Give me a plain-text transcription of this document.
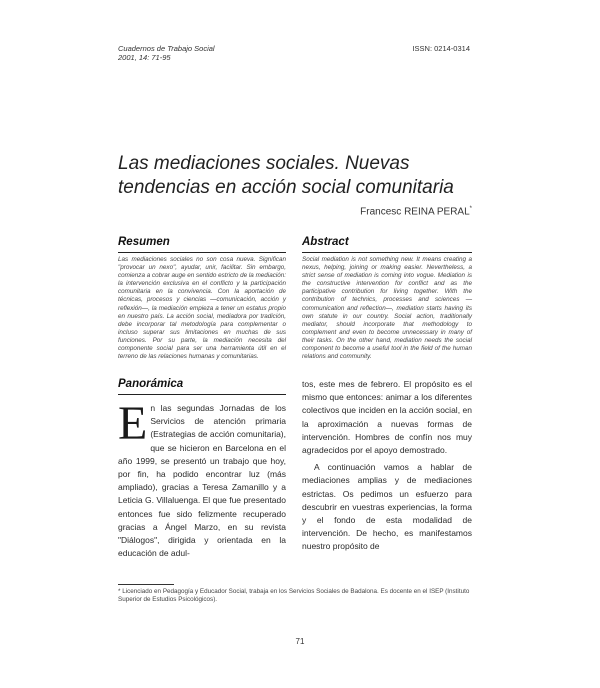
Cuadernos de Trabajo Social
2001, 14: 71-95
ISSN: 0214-0314
Las mediaciones sociales. Nuevas tendencias en acción social comunitaria
Francesc REINA PERAL*
Resumen
Las mediaciones sociales no son cosa nueva. Significan "provocar un nexo", ayudar, unir, facilitar. Sin embargo, comienza a cobrar auge en sentido estricto de la mediación: la intervención exclusiva en el conflicto y la participación comunitaria en la convivencia. Con la aportación de técnicas, procesos y ciencias —comunicación, acción y reflexión—, la mediación empieza a tener un estatus propio en nuestro país. La acción social, mediadora por tradición, debe incorporar tal metodología para complementar o incluso superar sus limitaciones en muchas de sus funciones. Por su parte, la mediación necesita del componente social para ser una herramienta útil en el terreno de las relaciones humanas y comunitarias.
Abstract
Social mediation is not something new. It means creating a nexus, helping, joining or making easier. Nevertheless, a strict sense of mediation is coming into vogue. Mediation is the constructive intervention for conflict and as the participative contribution for living together. With the contribution of technics, processes and sciences —communication and reflection—, mediation starts having its own statute in our country. Social action, traditionally mediator, should incorporate that methodology to complement and even to become unnecessary in many of their tasks. On the other hand, mediation needs the social component to become a useful tool in the field of the human relations and community.
Panorámica
En las segundas Jornadas de los Servicios de atención primaria (Estrategias de acción comunitaria), que se hicieron en Barcelona en el año 1999, se presentó un trabajo que hoy, por fin, ha podido encontrar luz (más ampliado), gracias a Teresa Zamanillo y a Leticia G. Villaluenga. El que fue presentado entonces fue sido felizmente recuperado gracias a Ángel Marzo, en su revista "Diálogos", dirigida y orientada en la educación de adul-

tos, este mes de febrero. El propósito es el mismo que entonces: animar a los diferentes colectivos que inciden en la acción social, en la aproximación a nuevas formas de intervención. Hombres de confín nos muy agradecidos por el apoyo demostrado.

A continuación vamos a hablar de mediaciones amplias y de mediaciones estrictas. Os pedimos un esfuerzo para descubrir en vuestras experiencias, la forma y el fondo de esta modalidad de intervención. De hecho, es manifestamos nuestro propósito de

* Licenciado en Pedagogía y Educador Social, trabaja en los Servicios Sociales de Badalona. Es docente en el ISEP (Instituto Superior de Estudios Psicológicos).
71
